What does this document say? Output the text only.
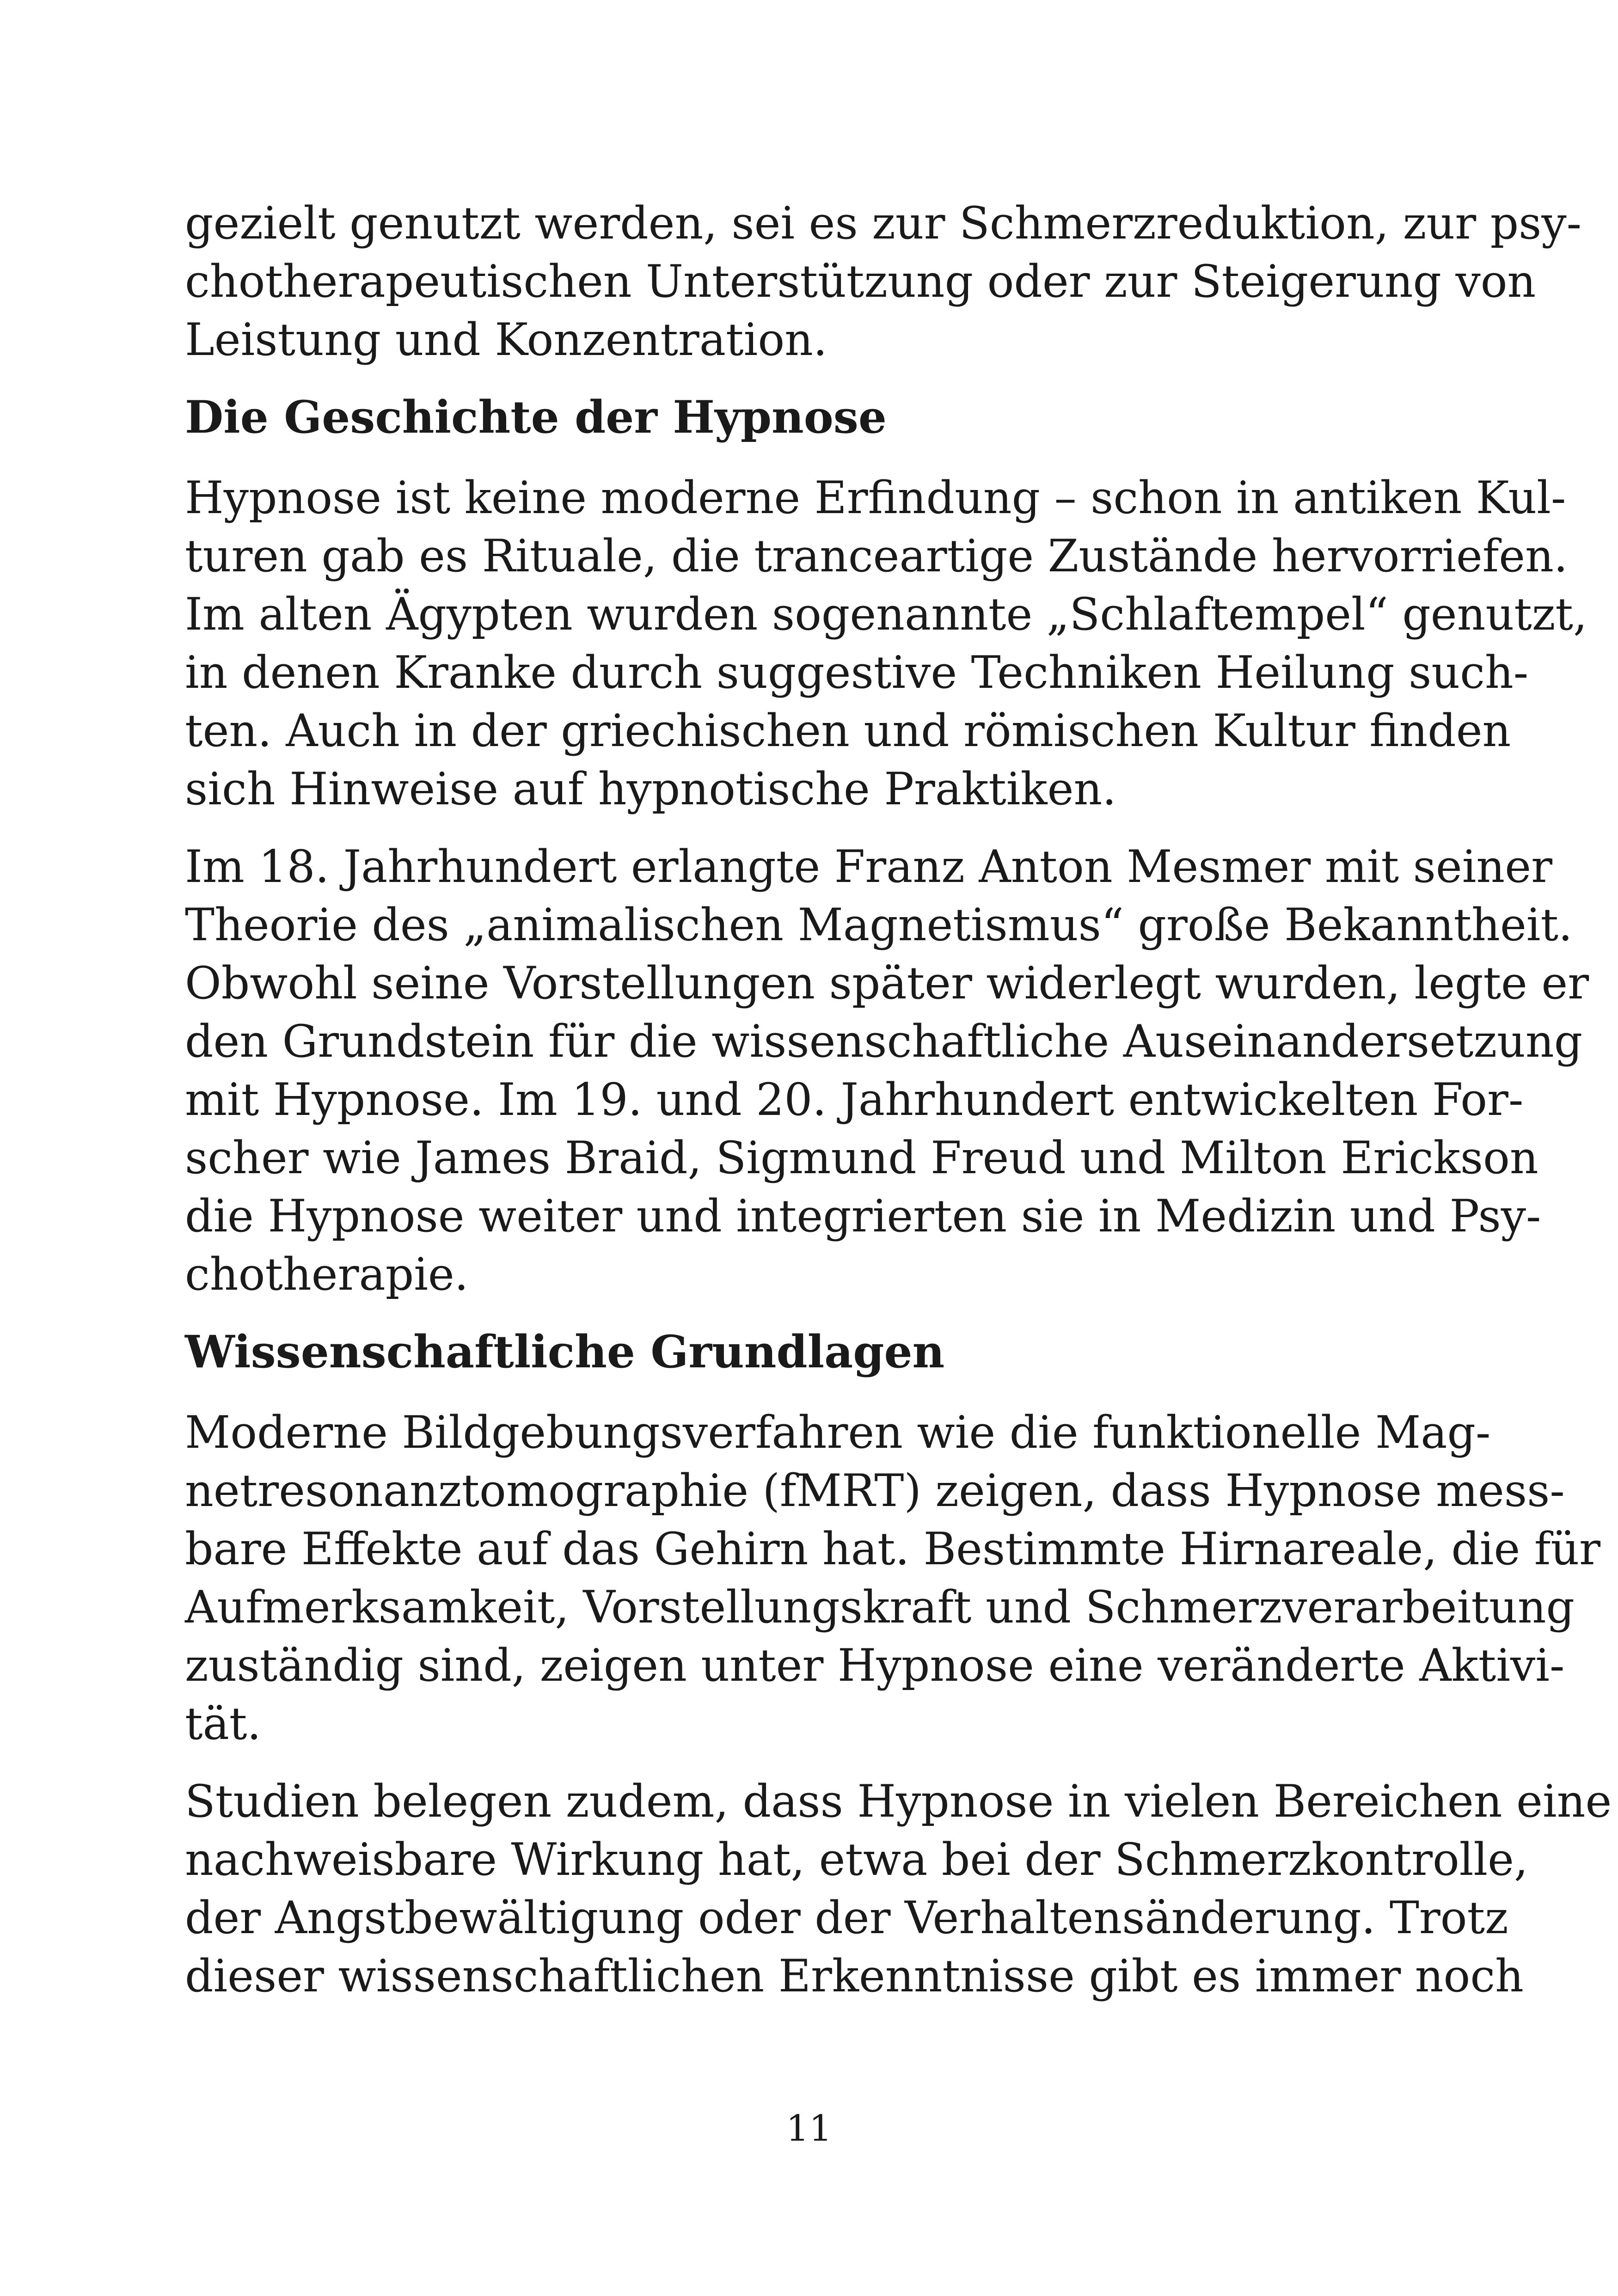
gezielt genutzt werden, sei es zur Schmerzreduktion, zur psy-
chotherapeutischen Unterstützung oder zur Steigerung von
Leistung und Konzentration.

Die Geschichte der Hypnose

Hypnose ist keine moderne Erfindung – schon in antiken Kul-
turen gab es Rituale, die tranceartige Zustände hervorriefen.
Im alten Ägypten wurden sogenannte „Schlaftempel“ genutzt,
in denen Kranke durch suggestive Techniken Heilung such-
ten. Auch in der griechischen und römischen Kultur finden
sich Hinweise auf hypnotische Praktiken.

Im 18. Jahrhundert erlangte Franz Anton Mesmer mit seiner
Theorie des „animalischen Magnetismus“ große Bekanntheit.
Obwohl seine Vorstellungen später widerlegt wurden, legte er
den Grundstein für die wissenschaftliche Auseinandersetzung
mit Hypnose. Im 19. und 20. Jahrhundert entwickelten For-
scher wie James Braid, Sigmund Freud und Milton Erickson
die Hypnose weiter und integrierten sie in Medizin und Psy-
chotherapie.

Wissenschaftliche Grundlagen

Moderne Bildgebungsverfahren wie die funktionelle Mag-
netresonanztomographie (fMRT) zeigen, dass Hypnose mess-
bare Effekte auf das Gehirn hat. Bestimmte Hirnareale, die für
Aufmerksamkeit, Vorstellungskraft und Schmerzverarbeitung
zuständig sind, zeigen unter Hypnose eine veränderte Aktivi-
tät.

Studien belegen zudem, dass Hypnose in vielen Bereichen eine
nachweisbare Wirkung hat, etwa bei der Schmerzkontrolle,
der Angstbewältigung oder der Verhaltensänderung. Trotz
dieser wissenschaftlichen Erkenntnisse gibt es immer noch

11
